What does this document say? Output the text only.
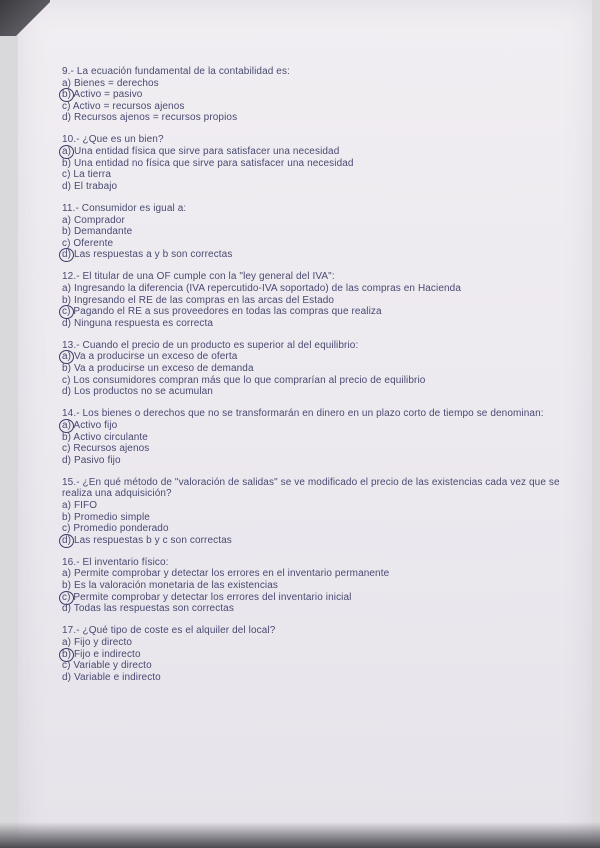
9.- La ecuación fundamental de la contabilidad es:

a) Bienes = derechos

b) Activo = pasivo

c) Activo = recursos ajenos

d) Recursos ajenos = recursos propios

10.- ¿Que es un bien?

a) Una entidad física que sirve para satisfacer una necesidad

b) Una entidad no física que sirve para satisfacer una necesidad

c) La tierra

d) El trabajo

11.- Consumidor es igual a:

a) Comprador

b) Demandante

c) Oferente

d) Las respuestas a y b son correctas

12.- El titular de una OF cumple con la "ley general del IVA":

a) Ingresando la diferencia (IVA repercutido-IVA soportado) de las compras en Hacienda

b) Ingresando el RE de las compras en las arcas del Estado

c) Pagando el RE a sus proveedores en todas las compras que realiza

d) Ninguna respuesta es correcta

13.- Cuando el precio de un producto es superior al del equilibrio:

a) Va a producirse un exceso de oferta

b) Va a producirse un exceso de demanda

c) Los consumidores compran más que lo que comprarían al precio de equilibrio

d) Los productos no se acumulan

14.- Los bienes o derechos que no se transformarán en dinero en un plazo corto de tiempo se denominan:

a) Activo fijo

b) Activo circulante

c) Recursos ajenos

d) Pasivo fijo

15.- ¿En qué método de "valoración de salidas" se ve modificado el precio de las existencias cada vez que se realiza una adquisición?

a) FIFO

b) Promedio simple

c) Promedio ponderado

d) Las respuestas b y c son correctas

16.- El inventario físico:

a) Permite comprobar y detectar los errores en el inventario permanente

b) Es la valoración monetaria de las existencias

c) Permite comprobar y detectar los errores del inventario inicial

d) Todas las respuestas son correctas

17.- ¿Qué tipo de coste es el alquiler del local?

a) Fijo y directo

b) Fijo e indirecto

c) Variable y directo

d) Variable e indirecto
